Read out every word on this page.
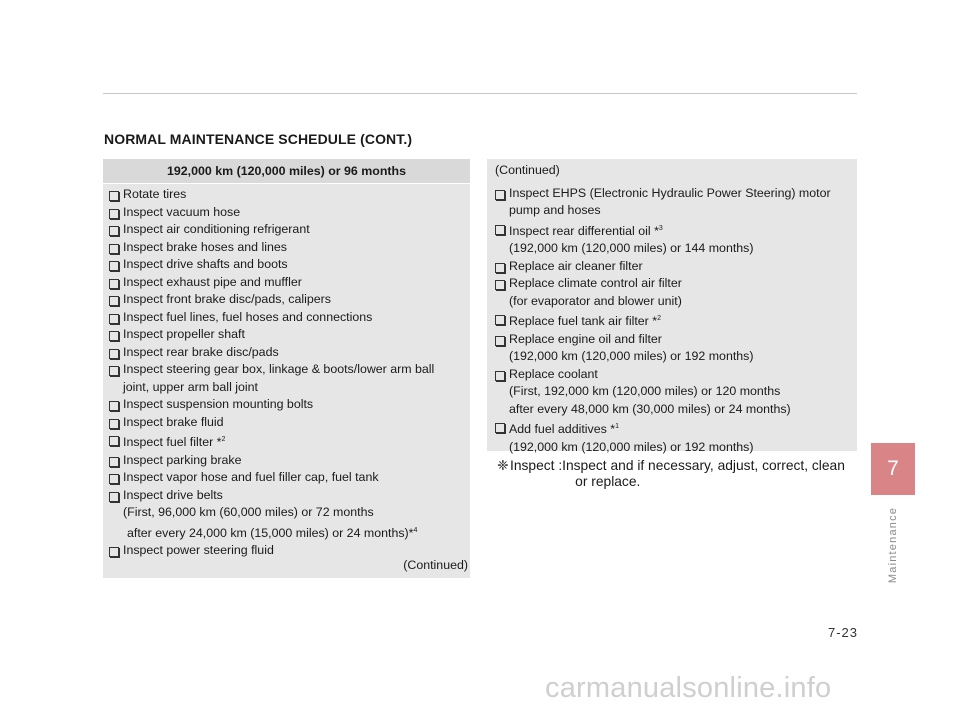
NORMAL MAINTENANCE SCHEDULE (CONT.)
192,000 km (120,000 miles) or 96 months
Rotate tires
Inspect vacuum hose
Inspect air conditioning refrigerant
Inspect brake hoses and lines
Inspect drive shafts and boots
Inspect exhaust pipe and muffler
Inspect front brake disc/pads, calipers
Inspect fuel lines, fuel hoses and connections
Inspect propeller shaft
Inspect rear brake disc/pads
Inspect steering gear box, linkage & boots/lower arm ball
joint, upper arm ball joint
Inspect suspension mounting bolts
Inspect brake fluid
Inspect fuel filter *$^2$
Inspect parking brake
Inspect vapor hose and fuel filler cap, fuel tank
Inspect drive belts
(First, 96,000 km (60,000 miles) or 72 months
after every 24,000 km (15,000 miles) or 24 months)*$^4$
Inspect power steering fluid
(Continued)
(Continued)
Inspect EHPS (Electronic Hydraulic Power Steering) motor
pump and hoses
Inspect rear differential oil *$^3$
(192,000 km (120,000 miles) or 144 months)
Replace air cleaner filter
Replace climate control air filter
(for evaporator and blower unit)
Replace fuel tank air filter *$^2$
Replace engine oil and filter
(192,000 km (120,000 miles) or 192 months)
Replace coolant
(First, 192,000 km (120,000 miles) or 120 months
after every 48,000 km (30,000 miles) or 24 months)
Add fuel additives *$^1$
(192,000 km (120,000 miles) or 192 months)
❈ Inspect : Inspect and if necessary, adjust, correct, clean
or replace.
7
Maintenance
7-23
carmanualsonline.info
